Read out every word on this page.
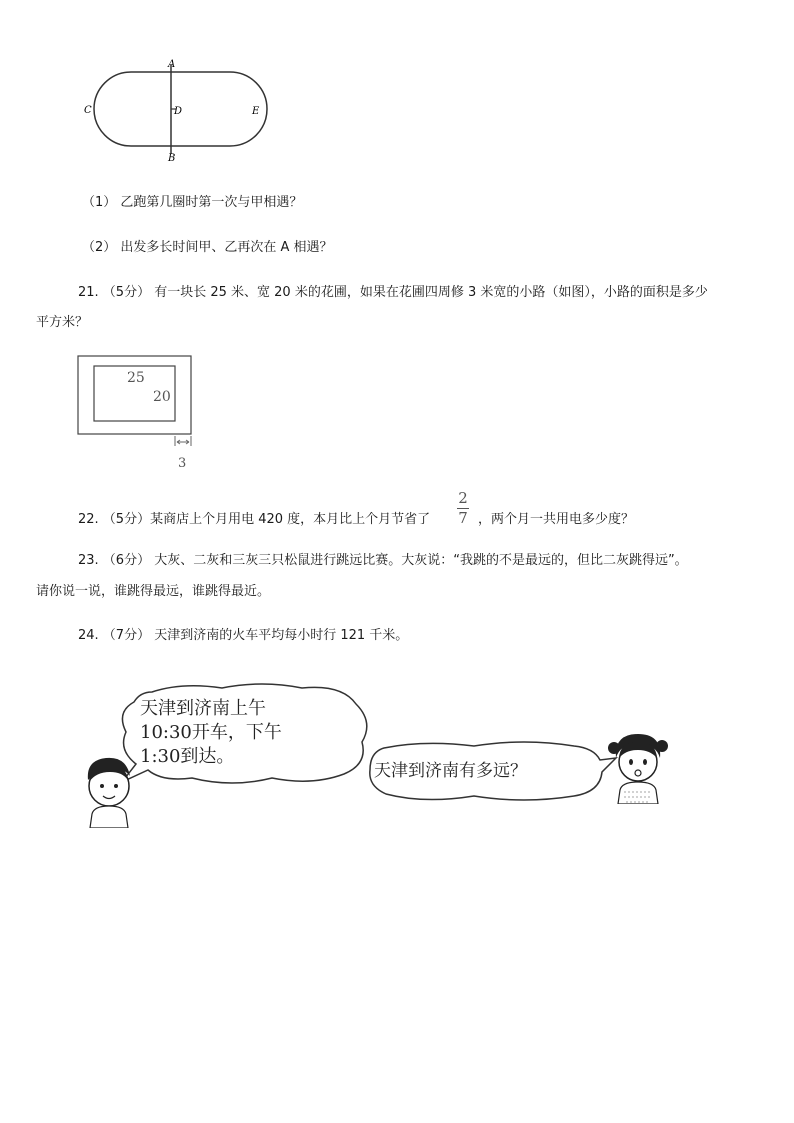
A
B
C	D	E
（1） 乙跑第几圈时第一次与甲相遇？
（2） 出发多长时间甲、乙再次在 A 相遇？
21. （5分） 有一块长 25 米、宽 20 米的花圃，如果在花圃四周修 3 米宽的小路（如图），小路的面积是多少
平方米？
25
20
3
22. （5分）某商店上个月用电 420 度，本月比上个月节省了
2
7 ，两个月一共用电多少度？
23. （6分） 大灰、二灰和三灰三只松鼠进行跳远比赛。大灰说：“我跳的不是最远的，但比二灰跳得远”。
请你说一说，谁跳得最远，谁跳得最近。
24. （7分） 天津到济南的火车平均每小时行 121 千米。
天津到济南上午
10:30开车，下午
1:30到达。
天津到济南有多远？
